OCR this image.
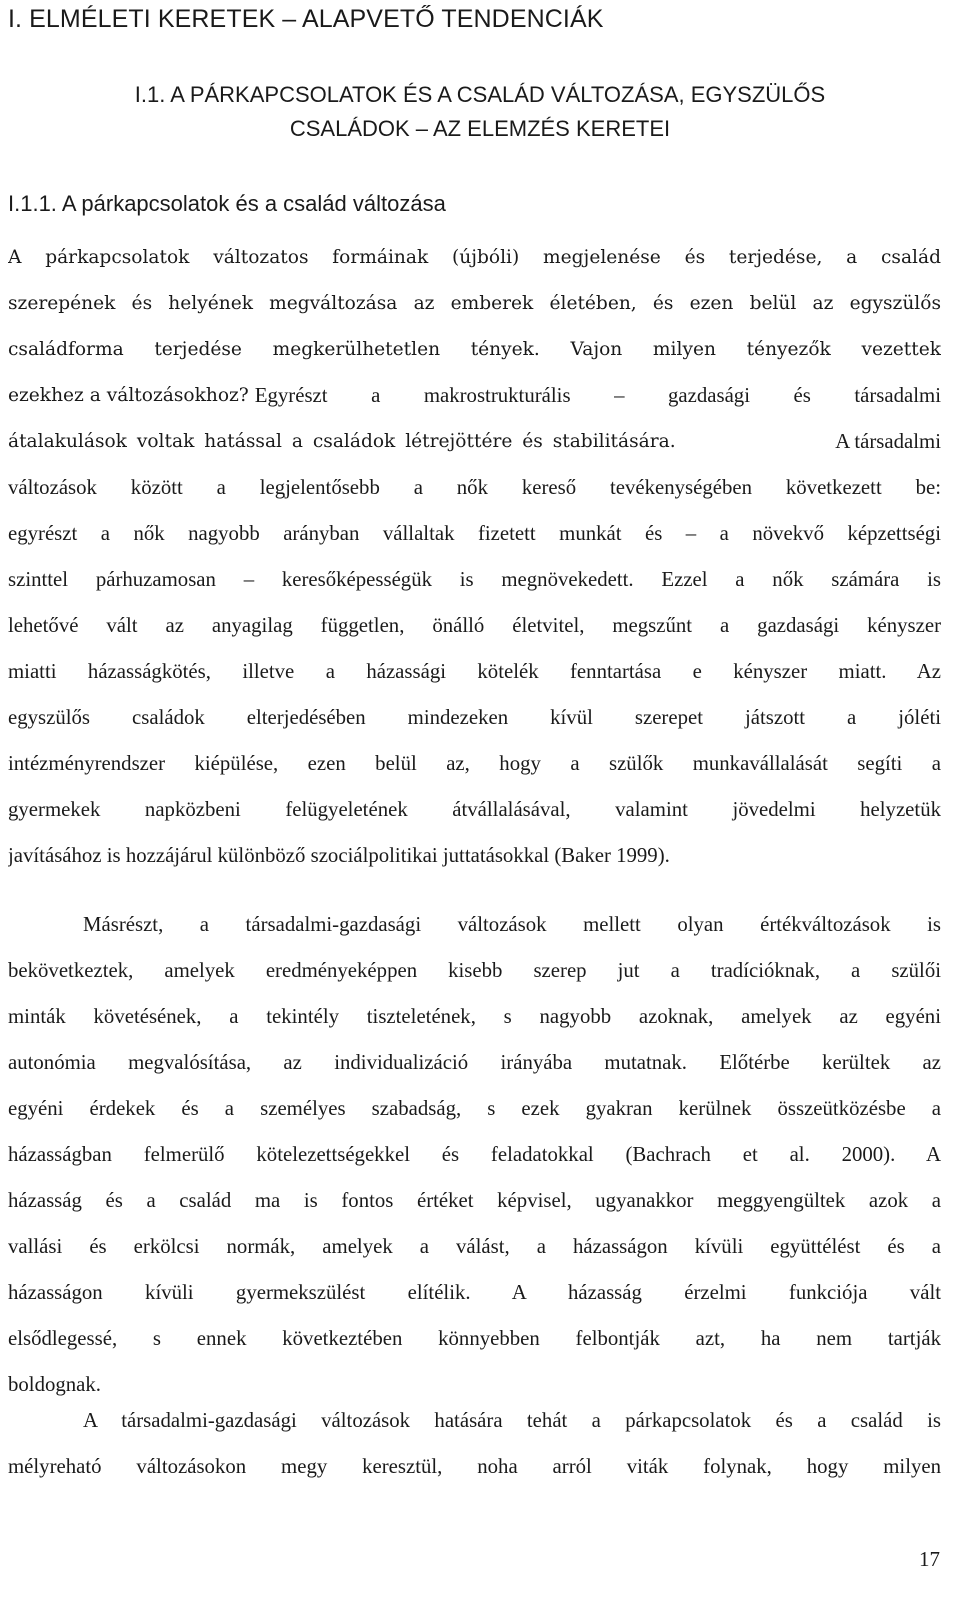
I. ELMÉLETI KERETEK – ALAPVETŐ TENDENCIÁK
I.1. A PÁRKAPCSOLATOK ÉS A CSALÁD VÁLTOZÁSA, EGYSZÜLŐS
CSALÁDOK – AZ ELEMZÉS KERETEI
I.1.1. A párkapcsolatok és a család változása
A párkapcsolatok változatos formáinak (újbóli) megjelenése és terjedése, a család
szerepének és helyének megváltozása az emberek életében, és ezen belül az egyszülős
családforma terjedése megkerülhetetlen tények. Vajon milyen tényezők vezettek
ezekhez a változásokhoz? Egyrészt a makrostrukturális – gazdasági és társadalmi
átalakulások voltak hatással a családok létrejöttére és stabilitására.	A társadalmi
változások között a legjelentősebb a nők kereső tevékenységében következett be:
egyrészt a nők nagyobb arányban vállaltak fizetett munkát és – a növekvő képzettségi
szinttel párhuzamosan – keresőképességük is megnövekedett. Ezzel a nők számára is
lehetővé vált az anyagilag független, önálló életvitel, megszűnt a gazdasági kényszer
miatti házasságkötés, illetve a házassági kötelék fenntartása e kényszer miatt. Az
egyszülős családok elterjedésében mindezeken kívül szerepet játszott a jóléti
intézményrendszer kiépülése, ezen belül az, hogy a szülők munkavállalását segíti a
gyermekek napközbeni felügyeletének átvállalásával, valamint jövedelmi helyzetük
javításához is hozzájárul különböző szociálpolitikai juttatásokkal (Baker 1999).
Másrészt, a társadalmi-gazdasági változások mellett olyan értékváltozások is
bekövetkeztek, amelyek eredményeképpen kisebb szerep jut a tradícióknak, a szülői
minták követésének, a tekintély tiszteletének, s nagyobb azoknak, amelyek az egyéni
autonómia megvalósítása, az individualizáció irányába mutatnak. Előtérbe kerültek az
egyéni érdekek és a személyes szabadság, s ezek gyakran kerülnek összeütközésbe a
házasságban felmerülő kötelezettségekkel és feladatokkal (Bachrach et al. 2000). A
házasság és a család ma is fontos értéket képvisel, ugyanakkor meggyengültek azok a
vallási és erkölcsi normák, amelyek a válást, a házasságon kívüli együttélést és a
házasságon kívüli gyermekszülést elítélik. A házasság érzelmi funkciója vált
elsődlegessé, s ennek következtében könnyebben felbontják azt, ha nem tartják
boldognak.
A társadalmi-gazdasági változások hatására tehát a párkapcsolatok és a család is
mélyreható változásokon megy keresztül, noha arról viták folynak, hogy milyen
17
